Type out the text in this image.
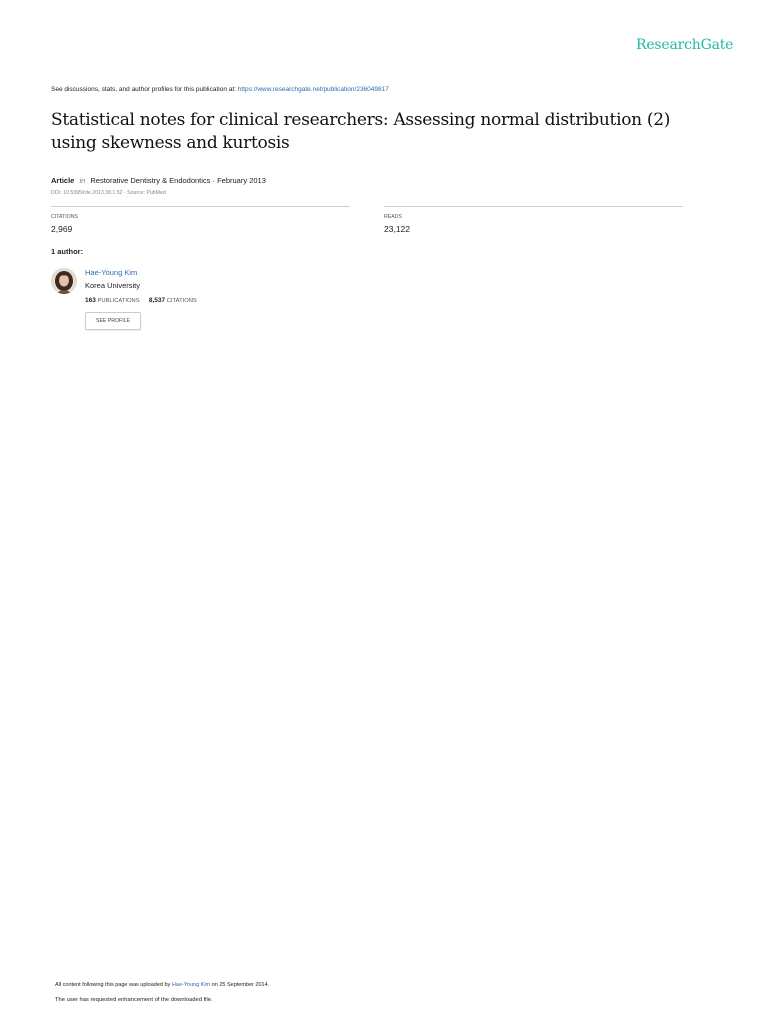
ResearchGate
See discussions, stats, and author profiles for this publication at: https://www.researchgate.net/publication/236049817
Statistical notes for clinical researchers: Assessing normal distribution (2) using skewness and kurtosis
Article in Restorative Dentistry & Endodontics · February 2013
DOI: 10.5395/rde.2013.38.1.52 · Source: PubMed
CITATIONS
2,969
READS
23,122
1 author:
Hae-Young Kim
Korea University
163 PUBLICATIONS 8,537 CITATIONS
SEE PROFILE
All content following this page was uploaded by Hae-Young Kim on 25 September 2014.
The user has requested enhancement of the downloaded file.
